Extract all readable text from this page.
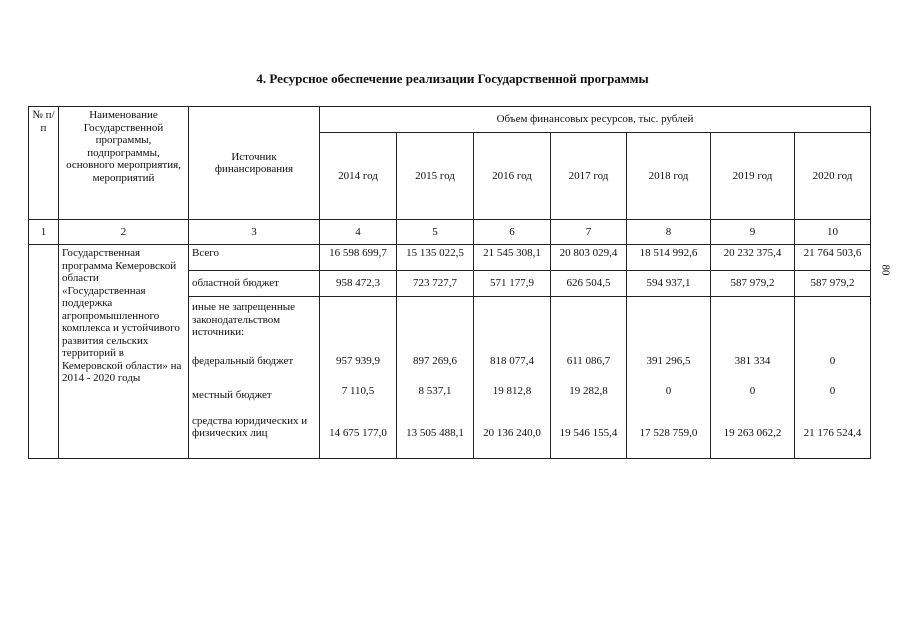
4. Ресурсное обеспечение реализации Государственной программы
80
№ п/п	Наименование Государственной программы, подпрограммы, основного мероприятия, мероприятий	Источник финансирования	Объем финансовых ресурсов, тыс. рублей						
			2014 год	2015 год	2016 год	2017 год	2018 год	2019 год	2020 год
1	2	3	4	5	6	7	8	9	10
	Государственная программа Кемеровской области «Государственная поддержка агропромышленного комплекса и устойчивого развития сельских территорий в Кемеровской области» на 2014 - 2020 годы	Всего	16 598 699,7	15 135 022,5	21 545 308,1	20 803 029,4	18 514 992,6	20 232 375,4	21 764 503,6
		областной бюджет	958 472,3	723 727,7	571 177,9	626 504,5	594 937,1	587 979,2	587 979,2
		иные не запрещенные законодательством источники:							
		федеральный бюджет	957 939,9	897 269,6	818 077,4	611 086,7	391 296,5	381 334	0
		местный бюджет	7 110,5	8 537,1	19 812,8	19 282,8	0	0	0
		средства юридических и физических лиц	14 675 177,0	13 505 488,1	20 136 240,0	19 546 155,4	17 528 759,0	19 263 062,2	21 176 524,4
